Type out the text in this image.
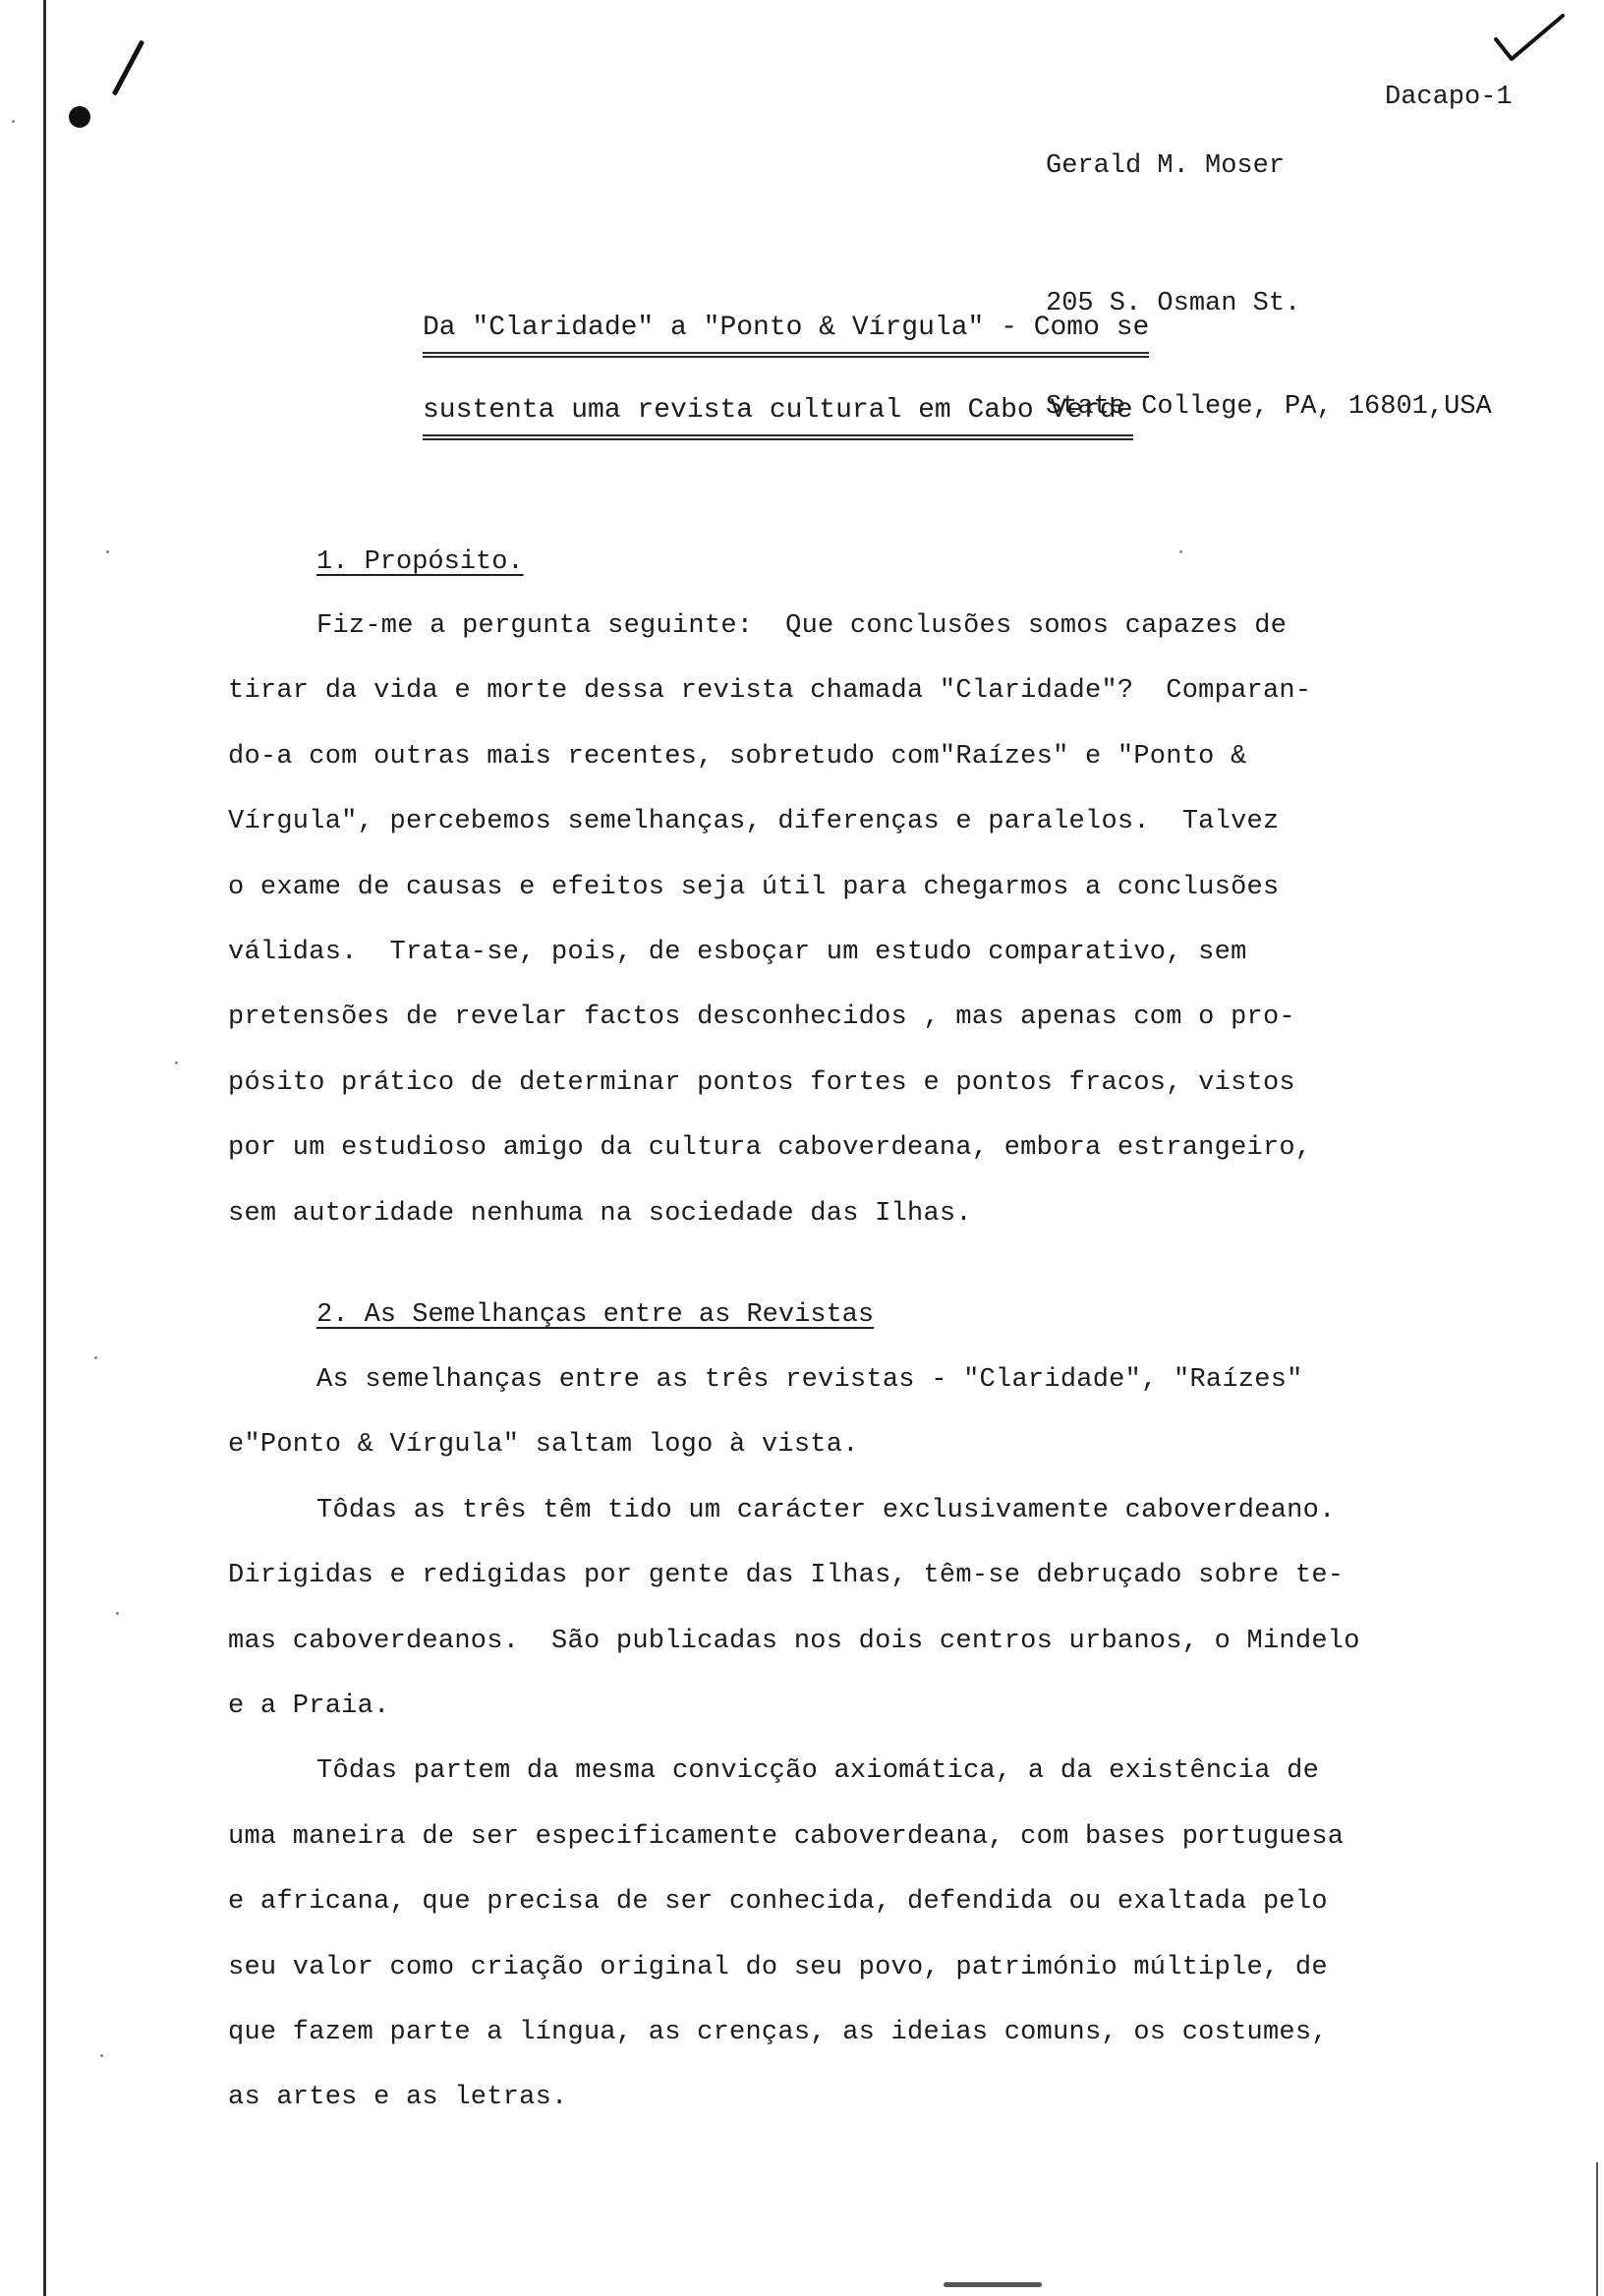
Gerald M. Moser

Dacapo-1

205 S. Osman St.

State College, PA, 16801,USA

Da "Claridade" a "Ponto & Vírgula" - Como se
sustenta uma revista cultural em Cabo Verde
1. Propósito.
Fiz-me a pergunta seguinte:  Que conclusões somos capazes de
tirar da vida e morte dessa revista chamada "Claridade"?  Comparan-
do-a com outras mais recentes, sobretudo com"Raízes" e "Ponto &
Vírgula", percebemos semelhanças, diferenças e paralelos.  Talvez
o exame de causas e efeitos seja útil para chegarmos a conclusões
válidas.  Trata-se, pois, de esboçar um estudo comparativo, sem
pretensões de revelar factos desconhecidos , mas apenas com o pro-
pósito prático de determinar pontos fortes e pontos fracos, vistos
por um estudioso amigo da cultura caboverdeana, embora estrangeiro,
sem autoridade nenhuma na sociedade das Ilhas.
2. As Semelhanças entre as Revistas
As semelhanças entre as três revistas - "Claridade", "Raízes"
e"Ponto & Vírgula" saltam logo à vista.
Tôdas as três têm tido um carácter exclusivamente caboverdeano.
Dirigidas e redigidas por gente das Ilhas, têm-se debruçado sobre te-
mas caboverdeanos.  São publicadas nos dois centros urbanos, o Mindelo
e a Praia.
Tôdas partem da mesma convicção axiomática, a da existência de
uma maneira de ser especificamente caboverdeana, com bases portuguesa
e africana, que precisa de ser conhecida, defendida ou exaltada pelo
seu valor como criação original do seu povo, património múltiple, de
que fazem parte a língua, as crenças, as ideias comuns, os costumes,
as artes e as letras.
